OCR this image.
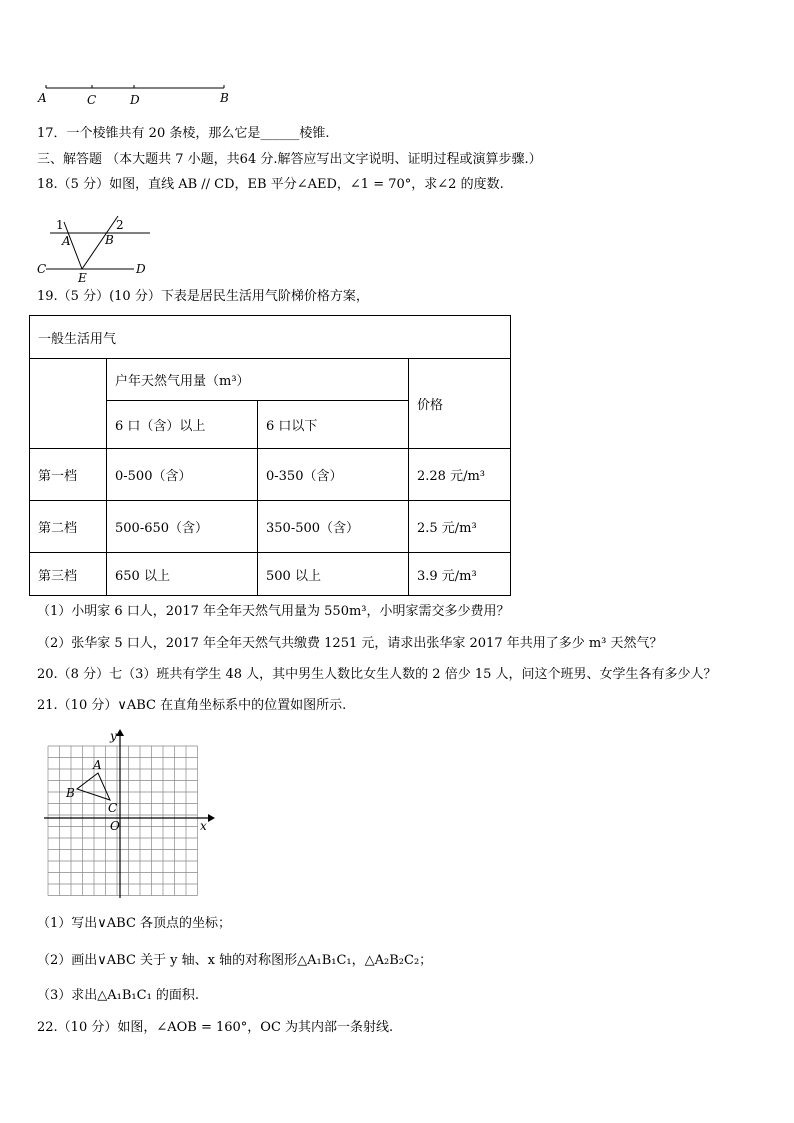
A	C	D	B
17．一个棱锥共有 20 条棱，那么它是______棱锥.
三、解答题 （本大题共 7 小题，共64 分.解答应写出文字说明、证明过程或演算步骤.）
18.（5 分）如图，直线 AB // CD，EB 平分∠AED，∠1 = 70°，求∠2 的度数.
1	2
A	B
C
E
D
19.（5 分）(10 分）下表是居民生活用气阶梯价格方案，
一般生活用气			
	户年天然气用量（m³）		价格
	6 口（含）以上	6 口以下	
第一档	0-500（含）	0-350（含）	2.28 元/m³
第二档	500-650（含）	350-500（含）	2.5 元/m³
第三档	650 以上	500 以上	3.9 元/m³
（1）小明家 6 口人，2017 年全年天然气用量为 550m³，小明家需交多少费用？
（2）张华家 5 口人，2017 年全年天然气共缴费 1251 元，请求出张华家 2017 年共用了多少 m³ 天然气？
20.（8 分）七（3）班共有学生 48 人，其中男生人数比女生人数的 2 倍少 15 人，问这个班男、女学生各有多少人？
21.（10 分）∨ABC 在直角坐标系中的位置如图所示.
y
x
O
A
B
C
（1）写出∨ABC 各顶点的坐标；
（2）画出∨ABC 关于 y 轴、x 轴的对称图形△A₁B₁C₁，△A₂B₂C₂；
（3）求出△A₁B₁C₁ 的面积.
22.（10 分）如图，∠AOB = 160°，OC 为其内部一条射线.
